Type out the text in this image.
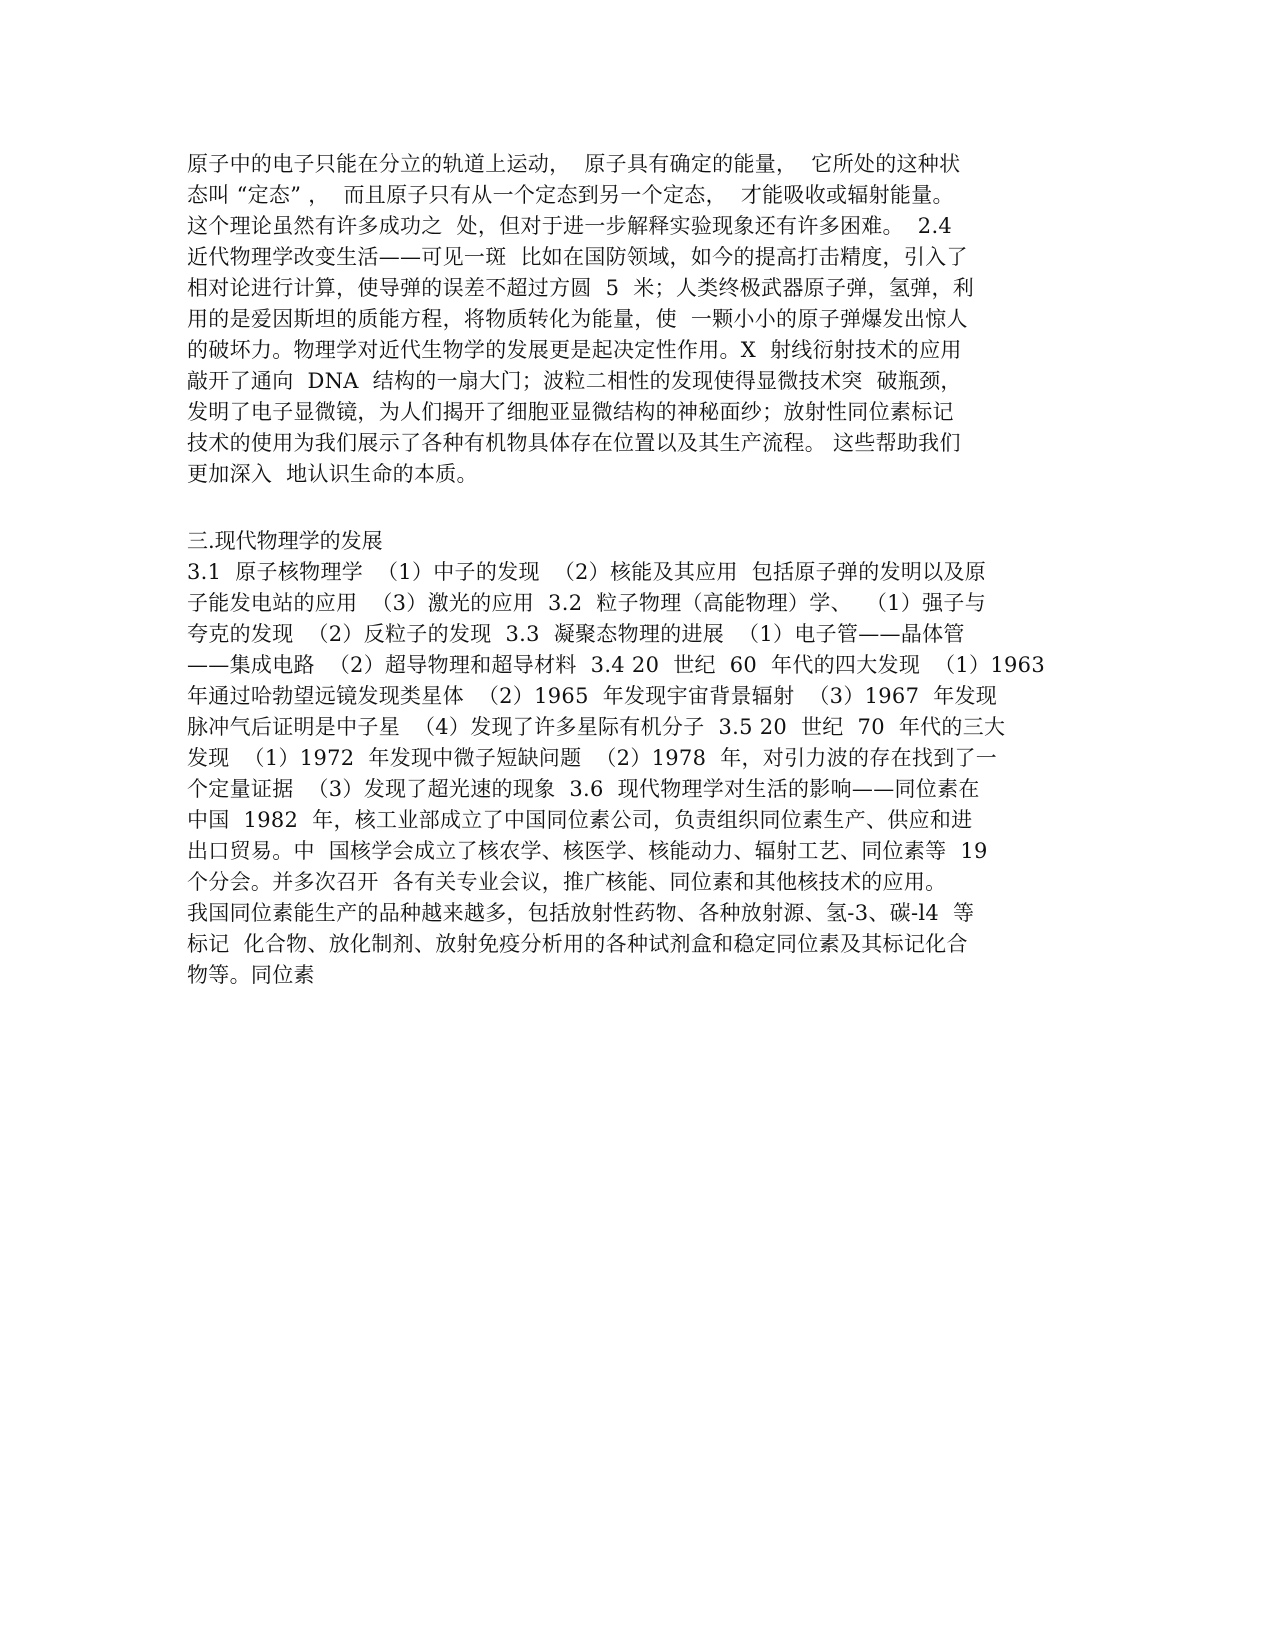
原子中的电子只能在分立的轨道上运动，  原子具有确定的能量，  它所处的这种状
态叫 “定态” ，  而且原子只有从一个定态到另一个定态，  才能吸收或辐射能量。
这个理论虽然有许多成功之  处，但对于进一步解释实验现象还有许多困难。  2.4
近代物理学改变生活——可见一斑  比如在国防领域，如今的提高打击精度，引入了
相对论进行计算，使导弹的误差不超过方圆  5  米；人类终极武器原子弹，氢弹，利
用的是爱因斯坦的质能方程，将物质转化为能量，使  一颗小小的原子弹爆发出惊人
的破坏力。物理学对近代生物学的发展更是起决定性作用。X  射线衍射技术的应用
敲开了通向  DNA  结构的一扇大门；波粒二相性的发现使得显微技术突  破瓶颈，
发明了电子显微镜，为人们揭开了细胞亚显微结构的神秘面纱；放射性同位素标记
技术的使用为我们展示了各种有机物具体存在位置以及其生产流程。 这些帮助我们
更加深入  地认识生命的本质。
三.现代物理学的发展
3.1  原子核物理学  （1）中子的发现  （2）核能及其应用  包括原子弹的发明以及原
子能发电站的应用  （3）激光的应用  3.2  粒子物理（高能物理）学、  （1）强子与
夸克的发现  （2）反粒子的发现  3.3  凝聚态物理的进展  （1）电子管——晶体管
——集成电路  （2）超导物理和超导材料  3.4 20  世纪  60  年代的四大发现  （1）1963
年通过哈勃望远镜发现类星体  （2）1965  年发现宇宙背景辐射  （3）1967  年发现
脉冲气后证明是中子星  （4）发现了许多星际有机分子  3.5 20  世纪  70  年代的三大
发现  （1）1972  年发现中微子短缺问题  （2）1978  年，对引力波的存在找到了一
个定量证据  （3）发现了超光速的现象  3.6  现代物理学对生活的影响——同位素在
中国  1982  年，核工业部成立了中国同位素公司，负责组织同位素生产、供应和进
出口贸易。中  国核学会成立了核农学、核医学、核能动力、辐射工艺、同位素等  19
个分会。并多次召开  各有关专业会议，推广核能、同位素和其他核技术的应用。
我国同位素能生产的品种越来越多，包括放射性药物、各种放射源、氢-3、碳-l4  等
标记  化合物、放化制剂、放射免疫分析用的各种试剂盒和稳定同位素及其标记化合
物等。同位素
